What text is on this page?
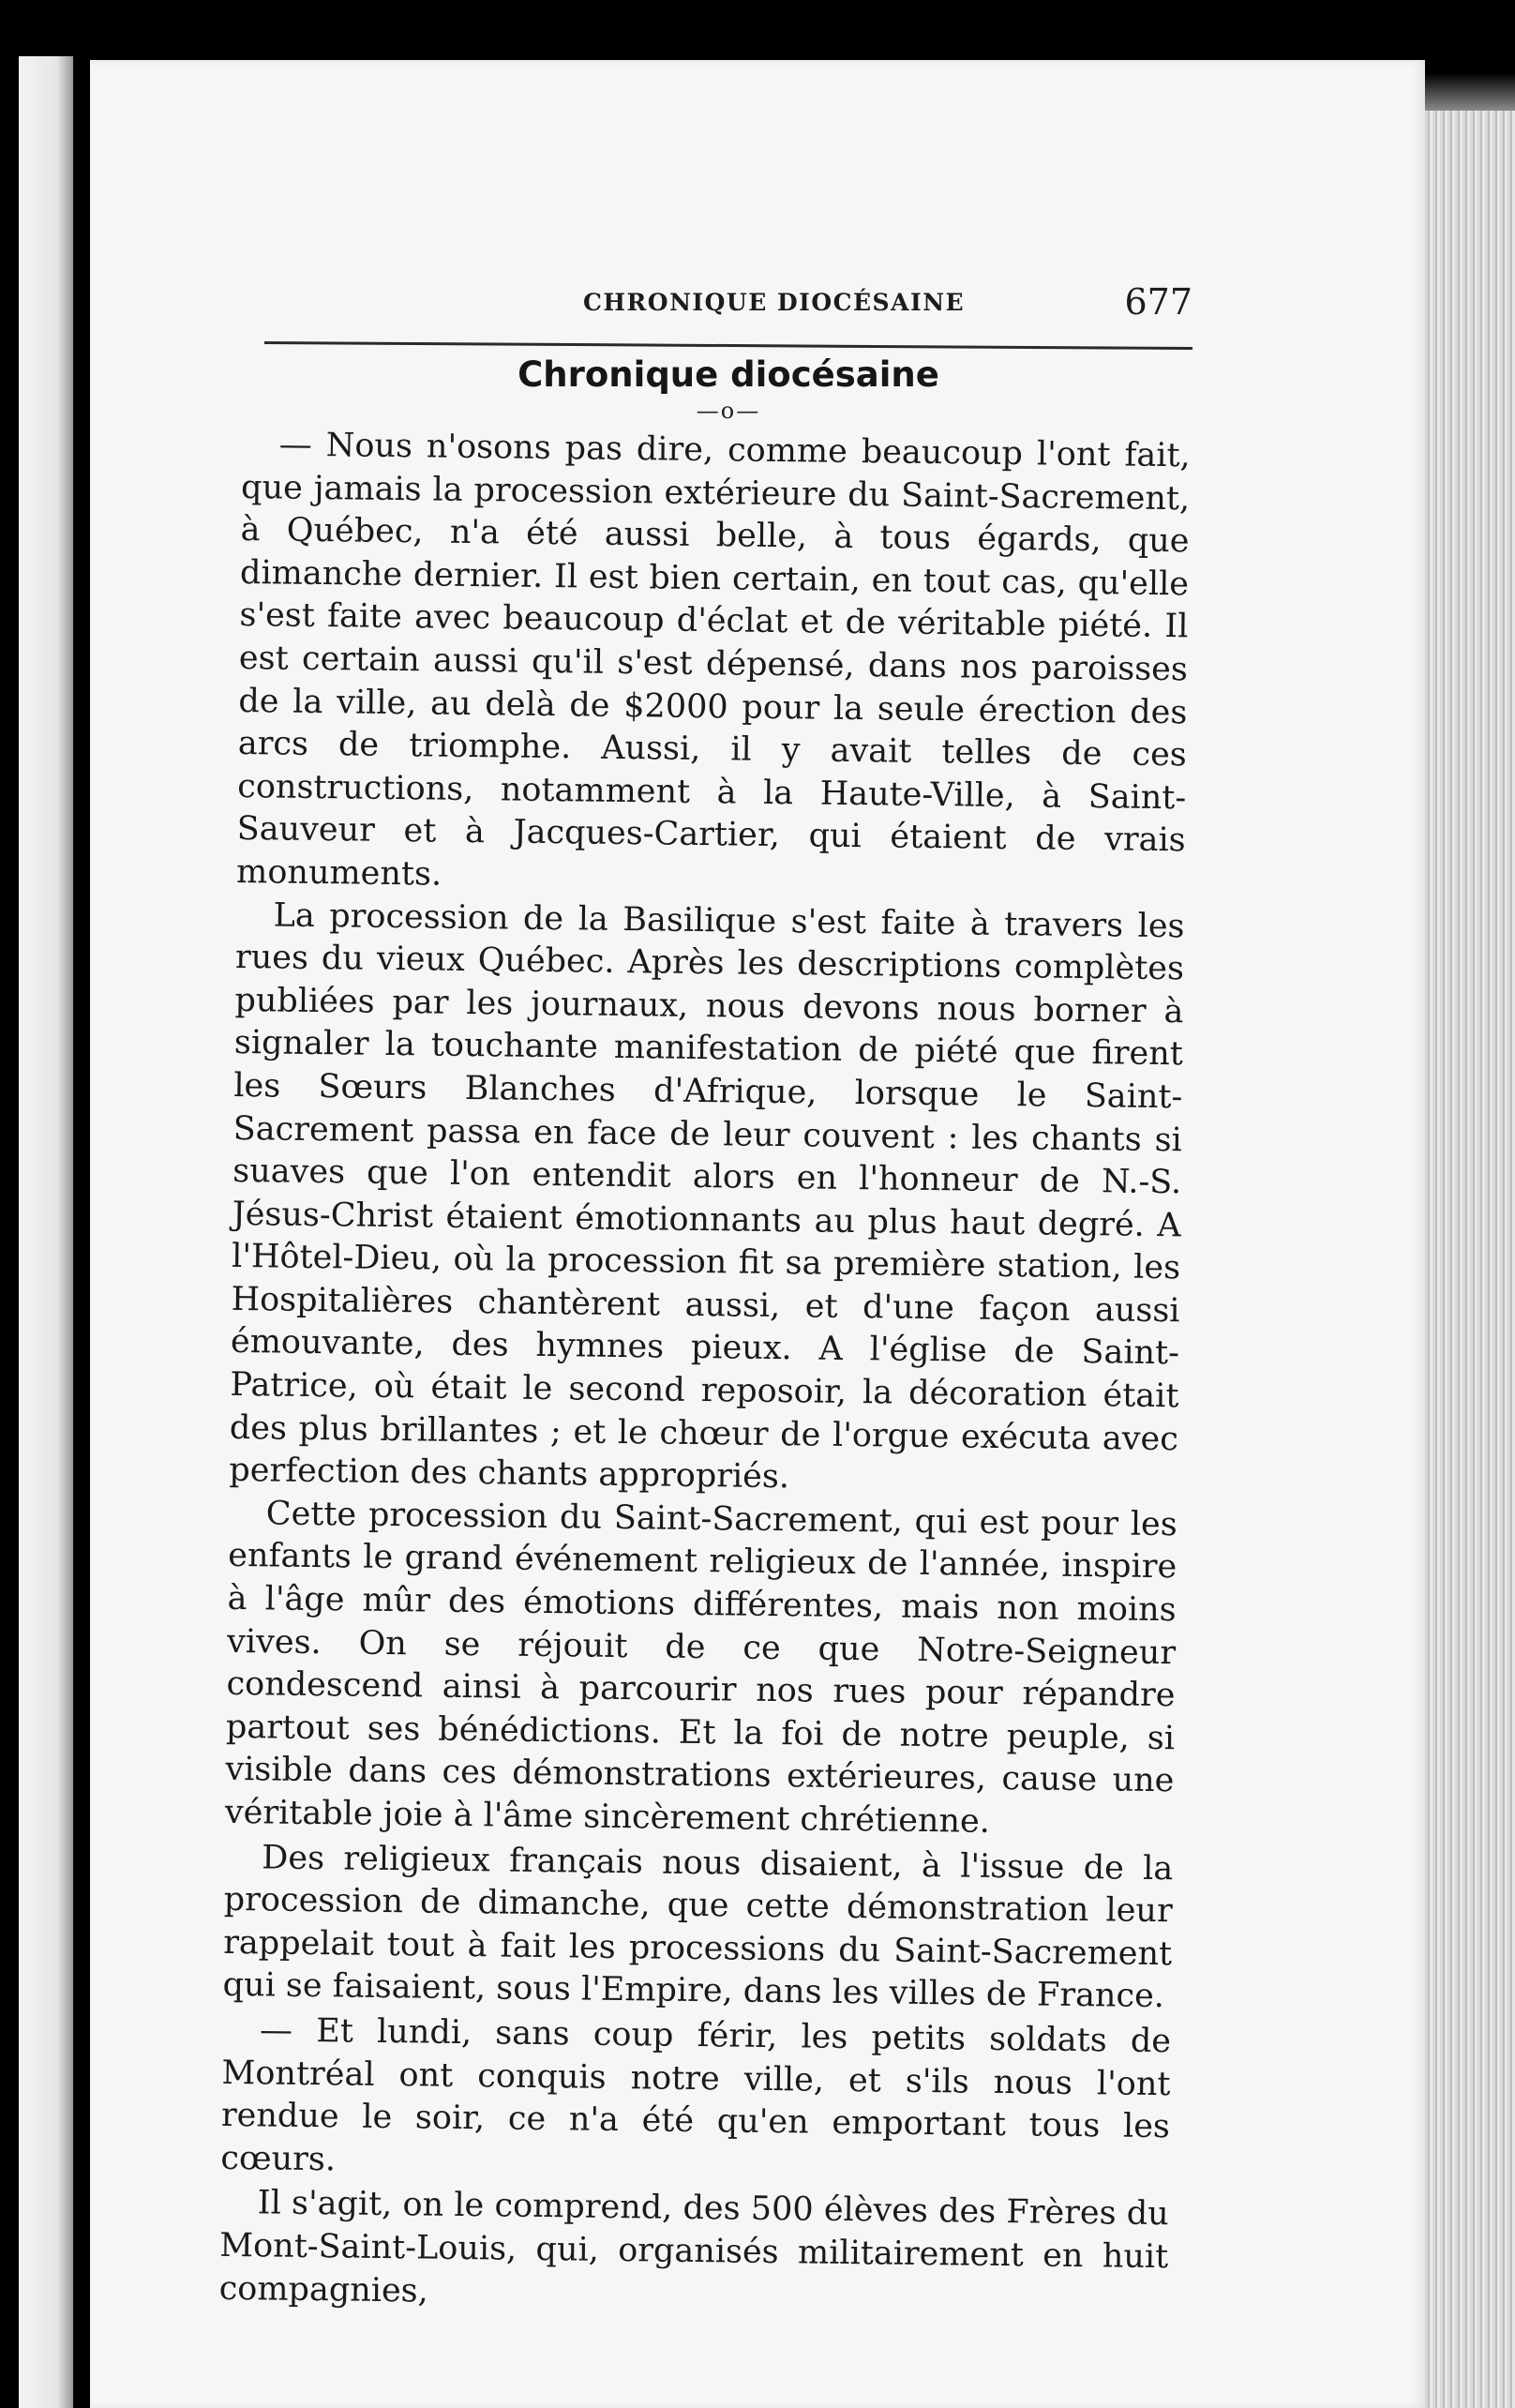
CHRONIQUE DIOCÉSAINE	677
Chronique diocésaine
—o—

— Nous n'osons pas dire, comme beaucoup l'ont fait, que jamais la procession extérieure du Saint-Sacrement, à Québec, n'a été aussi belle, à tous égards, que dimanche dernier. Il est bien certain, en tout cas, qu'elle s'est faite avec beaucoup d'éclat et de véritable piété. Il est certain aussi qu'il s'est dépensé, dans nos paroisses de la ville, au delà de $2000 pour la seule érection des arcs de triomphe. Aussi, il y avait telles de ces constructions, notamment à la Haute-Ville, à Saint-Sauveur et à Jacques-Cartier, qui étaient de vrais monuments.

La procession de la Basilique s'est faite à travers les rues du vieux Québec. Après les descriptions complètes publiées par les journaux, nous devons nous borner à signaler la touchante manifestation de piété que firent les Sœurs Blanches d'Afrique, lorsque le Saint-Sacrement passa en face de leur couvent : les chants si suaves que l'on entendit alors en l'honneur de N.-S. Jésus-Christ étaient émotionnants au plus haut degré. A l'Hôtel-Dieu, où la procession fit sa première station, les Hospitalières chantèrent aussi, et d'une façon aussi émouvante, des hymnes pieux. A l'église de Saint-Patrice, où était le second reposoir, la décoration était des plus brillantes ; et le chœur de l'orgue exécuta avec perfection des chants appropriés.

Cette procession du Saint-Sacrement, qui est pour les enfants le grand événement religieux de l'année, inspire à l'âge mûr des émotions différentes, mais non moins vives. On se réjouit de ce que Notre-Seigneur condescend ainsi à parcourir nos rues pour répandre partout ses bénédictions. Et la foi de notre peuple, si visible dans ces démonstrations extérieures, cause une véritable joie à l'âme sincèrement chrétienne.

Des religieux français nous disaient, à l'issue de la procession de dimanche, que cette démonstration leur rappelait tout à fait les processions du Saint-Sacrement qui se faisaient, sous l'Empire, dans les villes de France.

— Et lundi, sans coup férir, les petits soldats de Montréal ont conquis notre ville, et s'ils nous l'ont rendue le soir, ce n'a été qu'en emportant tous les cœurs.

Il s'agit, on le comprend, des 500 élèves des Frères du Mont-Saint-Louis, qui, organisés militairement en huit compagnies,
